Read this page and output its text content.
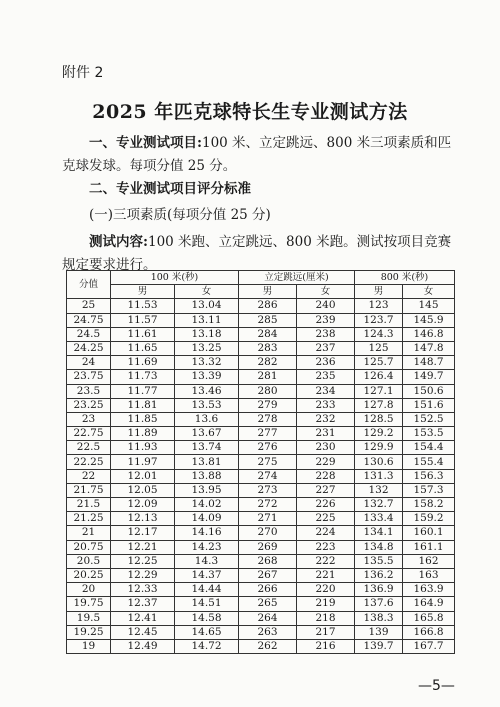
附件 2
2025 年匹克球特长生专业测试方法
一、专业测试项目:100 米、立定跳远、800 米三项素质和匹克球发球。每项分值 25 分。
二、专业测试项目评分标准
(一)三项素质(每项分值 25 分)
测试内容:100 米跑、立定跳远、800 米跑。测试按项目竞赛规定要求进行。
分值	100 米(秒)		立定跳远(厘米)		800 米(秒)	
	男	女	男	女	男	女
25	11.53	13.04	286	240	123	145
24.75	11.57	13.11	285	239	123.7	145.9
24.5	11.61	13.18	284	238	124.3	146.8
24.25	11.65	13.25	283	237	125	147.8
24	11.69	13.32	282	236	125.7	148.7
23.75	11.73	13.39	281	235	126.4	149.7
23.5	11.77	13.46	280	234	127.1	150.6
23.25	11.81	13.53	279	233	127.8	151.6
23	11.85	13.6	278	232	128.5	152.5
22.75	11.89	13.67	277	231	129.2	153.5
22.5	11.93	13.74	276	230	129.9	154.4
22.25	11.97	13.81	275	229	130.6	155.4
22	12.01	13.88	274	228	131.3	156.3
21.75	12.05	13.95	273	227	132	157.3
21.5	12.09	14.02	272	226	132.7	158.2
21.25	12.13	14.09	271	225	133.4	159.2
21	12.17	14.16	270	224	134.1	160.1
20.75	12.21	14.23	269	223	134.8	161.1
20.5	12.25	14.3	268	222	135.5	162
20.25	12.29	14.37	267	221	136.2	163
20	12.33	14.44	266	220	136.9	163.9
19.75	12.37	14.51	265	219	137.6	164.9
19.5	12.41	14.58	264	218	138.3	165.8
19.25	12.45	14.65	263	217	139	166.8
19	12.49	14.72	262	216	139.7	167.7
—5—
